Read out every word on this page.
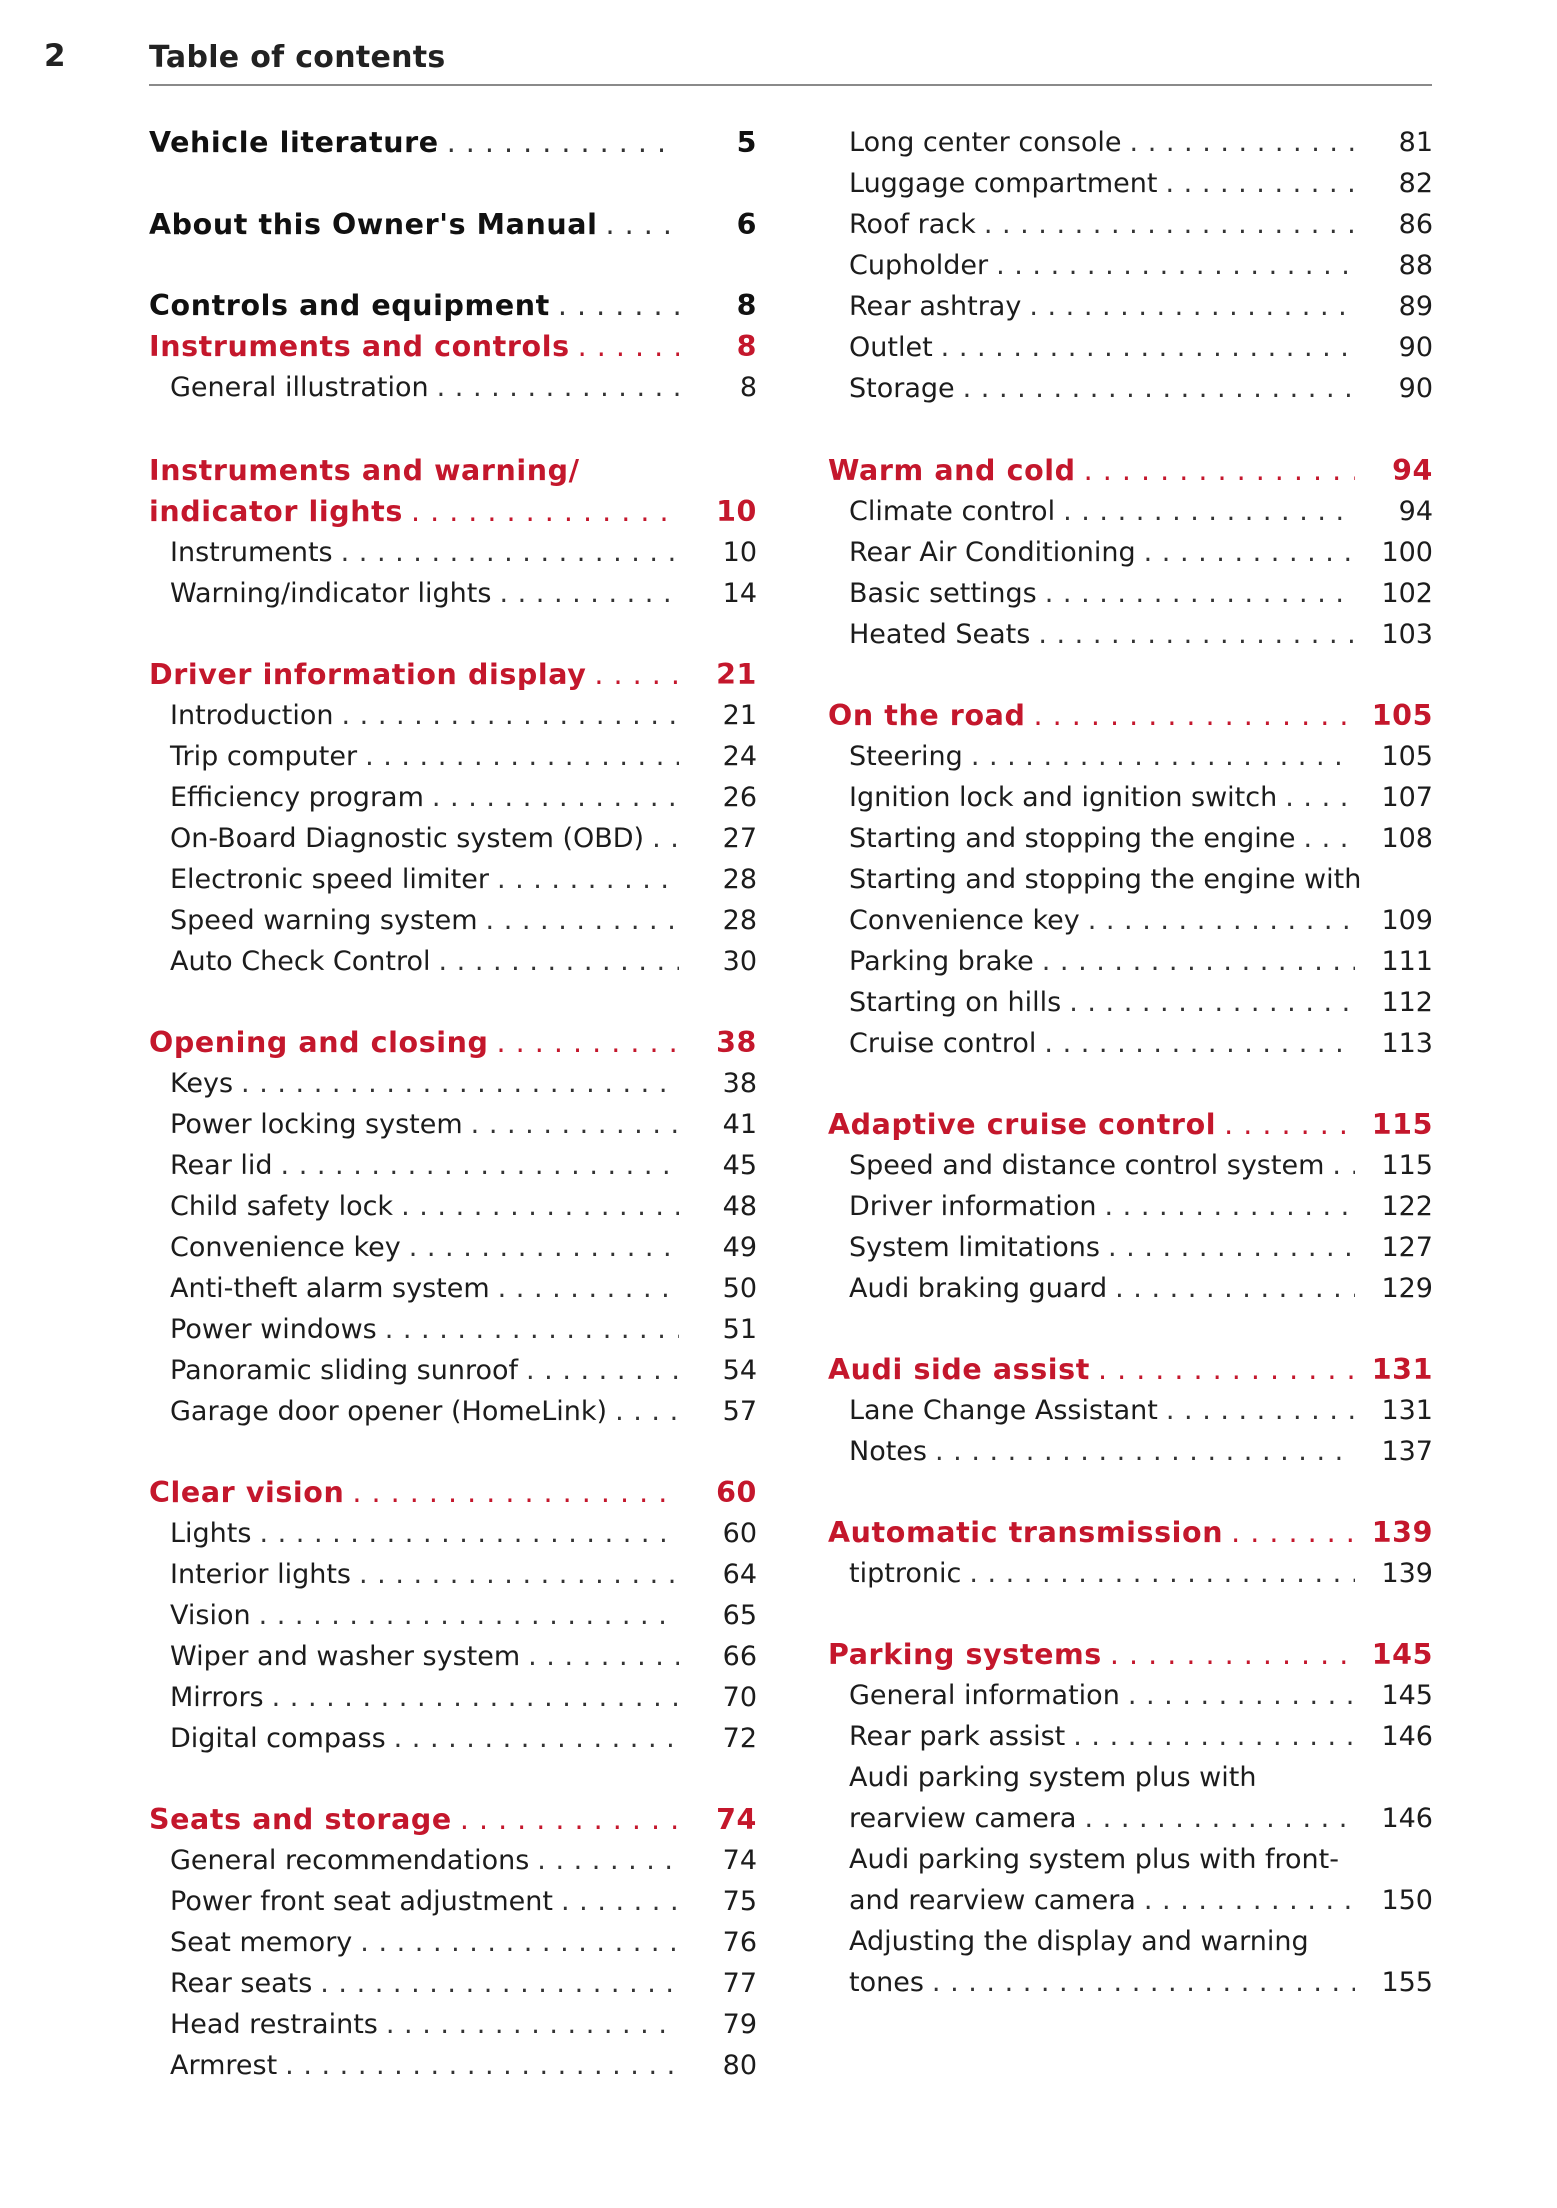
2	Table of contents
Vehicle literature . . .	5
About this Owner's Manual . . .	6
Controls and equipment . . .	8
Instruments and controls . . .	8
General illustration . . .	8
Instruments and warning/
indicator lights . . .	10
Instruments . . .	10
Warning/indicator lights . . .	14
Driver information display . . .	21
Introduction . . .	21
Trip computer . . .	24
Efficiency program . . .	26
On-Board Diagnostic system (OBD) . . .	27
Electronic speed limiter . . .	28
Speed warning system . . .	28
Auto Check Control . . .	30
Opening and closing . . .	38
Keys . . .	38
Power locking system . . .	41
Rear lid . . .	45
Child safety lock . . .	48
Convenience key . . .	49
Anti-theft alarm system . . .	50
Power windows . . .	51
Panoramic sliding sunroof . . .	54
Garage door opener (HomeLink) . . .	57
Clear vision . . .	60
Lights . . .	60
Interior lights . . .	64
Vision . . .	65
Wiper and washer system . . .	66
Mirrors . . .	70
Digital compass . . .	72
Seats and storage . . .	74
General recommendations . . .	74
Power front seat adjustment . . .	75
Seat memory . . .	76
Rear seats . . .	77
Head restraints . . .	79
Armrest . . .	80
Long center console . . .	81
Luggage compartment . . .	82
Roof rack . . .	86
Cupholder . . .	88
Rear ashtray . . .	89
Outlet . . .	90
Storage . . .	90
Warm and cold . . .	94
Climate control . . .	94
Rear Air Conditioning . . .	100
Basic settings . . .	102
Heated Seats . . .	103
On the road . . .	105
Steering . . .	105
Ignition lock and ignition switch . . .	107
Starting and stopping the engine . . .	108
Starting and stopping the engine with
Convenience key . . .	109
Parking brake . . .	111
Starting on hills . . .	112
Cruise control . . .	113
Adaptive cruise control . . .	115
Speed and distance control system . . .	115
Driver information . . .	122
System limitations . . .	127
Audi braking guard . . .	129
Audi side assist . . .	131
Lane Change Assistant . . .	131
Notes . . .	137
Automatic transmission . . .	139
tiptronic . . .	139
Parking systems . . .	145
General information . . .	145
Rear park assist . . .	146
Audi parking system plus with
rearview camera . . .	146
Audi parking system plus with front-
and rearview camera . . .	150
Adjusting the display and warning
tones . . .	155
